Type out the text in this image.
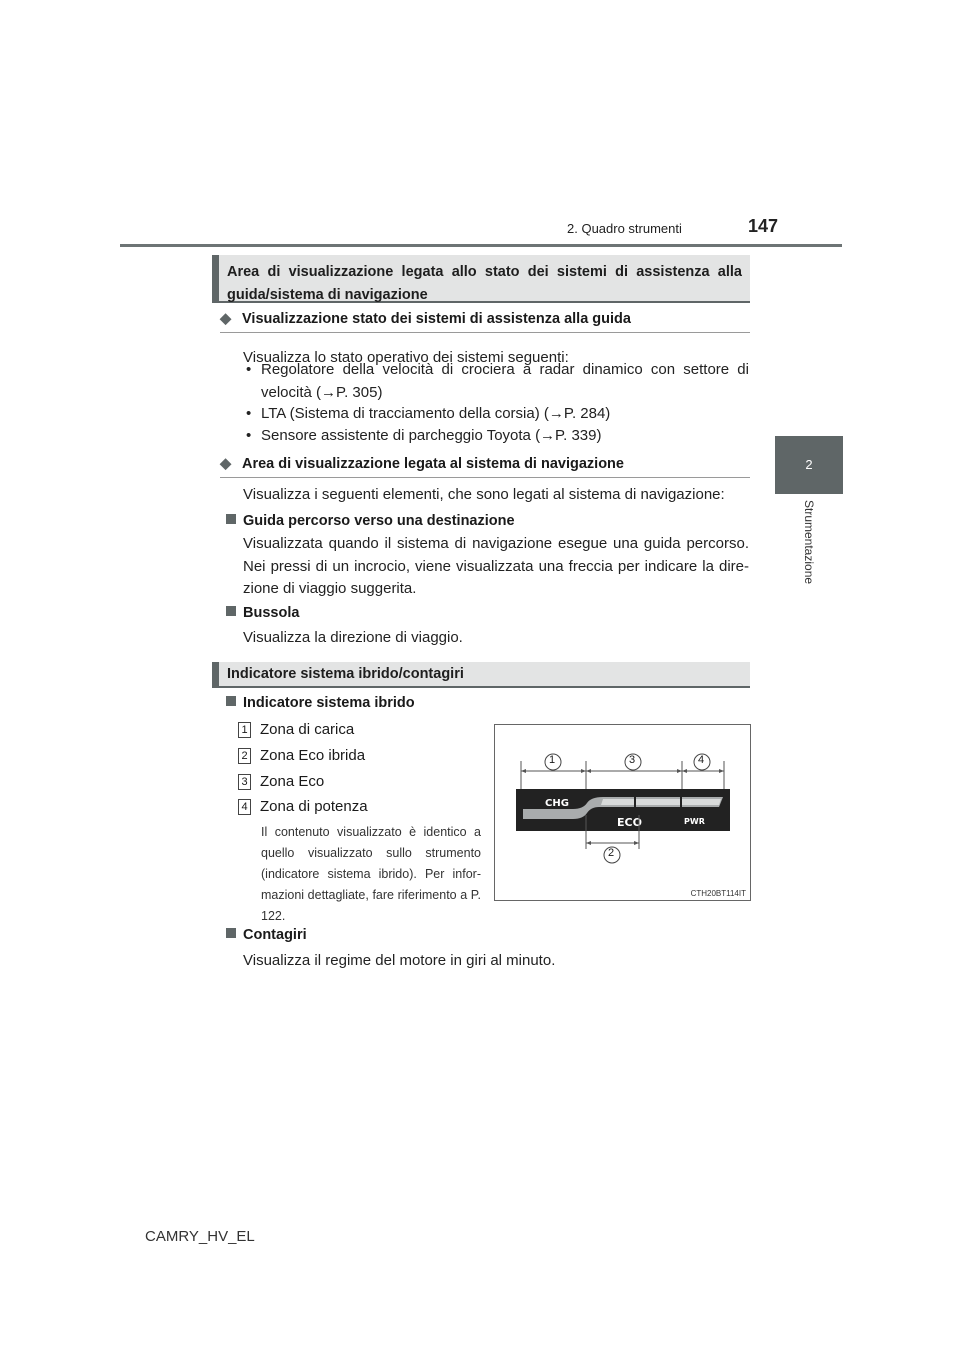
2. Quadro strumenti	147
2
Strumentazione
Area di visualizzazione legata allo stato dei sistemi di assistenza alla
guida/sistema di navigazione
◆ Visualizzazione stato dei sistemi di assistenza alla guida
Visualizza lo stato operativo dei sistemi seguenti:
• Regolatore della velocità di crociera a radar dinamico con settore di velocità (→P. 305)
• LTA (Sistema di tracciamento della corsia) (→P. 284)
• Sensore assistente di parcheggio Toyota (→P. 339)
◆ Area di visualizzazione legata al sistema di navigazione
Visualizza i seguenti elementi, che sono legati al sistema di navigazione:
Guida percorso verso una destinazione
Visualizzata quando il sistema di navigazione esegue una guida percorso. Nei pressi di un incrocio, viene visualizzata una freccia per indicare la dire-zione di viaggio suggerita.
Bussola
Visualizza la direzione di viaggio.
Indicatore sistema ibrido/contagiri
Indicatore sistema ibrido
1 Zona di carica
2 Zona Eco ibrida
3 Zona Eco
4 Zona di potenza
Il contenuto visualizzato è identico a quello visualizzato sullo strumento (indicatore sistema ibrido). Per infor-mazioni dettagliate, fare riferimento a P. 122.
CHG
ECO	PWR
1	3	4
2
CTH20BT114IT
Contagiri
Visualizza il regime del motore in giri al minuto.
CAMRY_HV_EL
